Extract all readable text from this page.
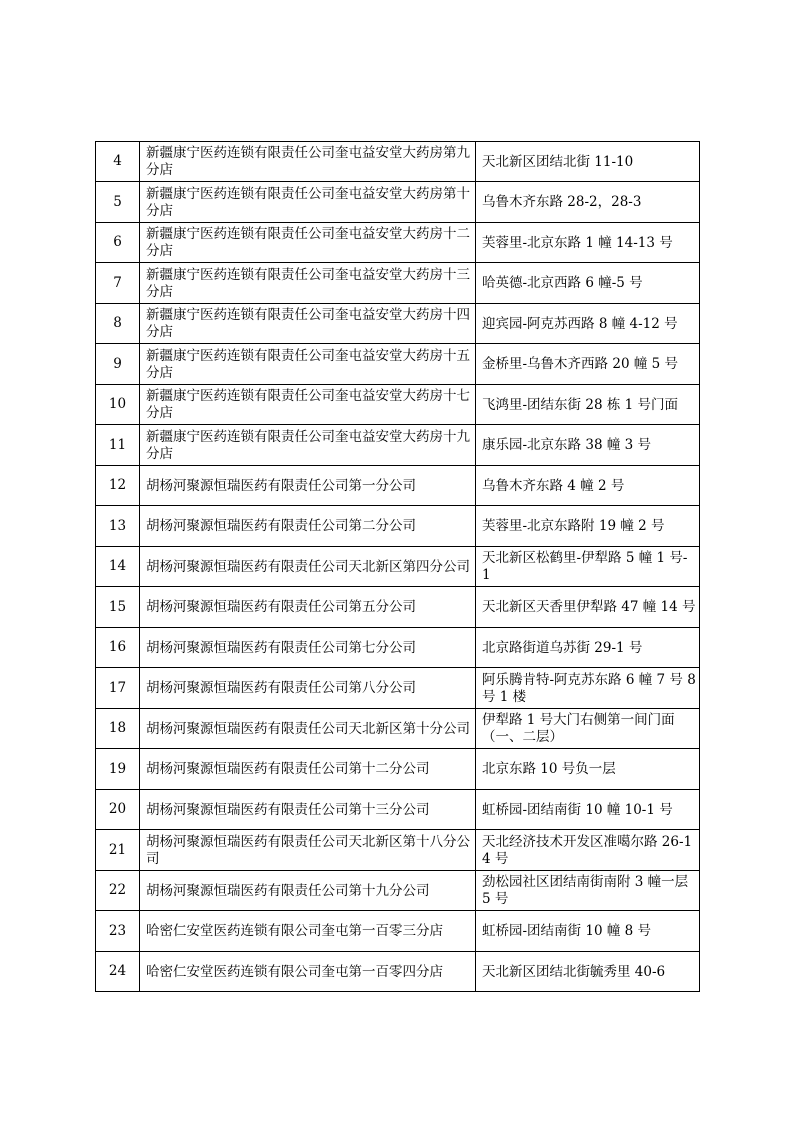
4	新疆康宁医药连锁有限责任公司奎屯益安堂大药房第九分店	天北新区团结北街 11-10
5	新疆康宁医药连锁有限责任公司奎屯益安堂大药房第十分店	乌鲁木齐东路 28-2，28-3
6	新疆康宁医药连锁有限责任公司奎屯益安堂大药房十二分店	芙蓉里-北京东路 1 幢 14-13 号
7	新疆康宁医药连锁有限责任公司奎屯益安堂大药房十三分店	哈英德-北京西路 6 幢-5 号
8	新疆康宁医药连锁有限责任公司奎屯益安堂大药房十四分店	迎宾园-阿克苏西路 8 幢 4-12 号
9	新疆康宁医药连锁有限责任公司奎屯益安堂大药房十五分店	金桥里-乌鲁木齐西路 20 幢 5 号
10	新疆康宁医药连锁有限责任公司奎屯益安堂大药房十七分店	飞鸿里-团结东街 28 栋 1 号门面
11	新疆康宁医药连锁有限责任公司奎屯益安堂大药房十九分店	康乐园-北京东路 38 幢 3 号
12	胡杨河聚源恒瑞医药有限责任公司第一分公司	乌鲁木齐东路 4 幢 2 号
13	胡杨河聚源恒瑞医药有限责任公司第二分公司	芙蓉里-北京东路附 19 幢 2 号
14	胡杨河聚源恒瑞医药有限责任公司天北新区第四分公司	天北新区松鹤里-伊犁路 5 幢 1 号-1
15	胡杨河聚源恒瑞医药有限责任公司第五分公司	天北新区天香里伊犁路 47 幢 14 号
16	胡杨河聚源恒瑞医药有限责任公司第七分公司	北京路街道乌苏街 29-1 号
17	胡杨河聚源恒瑞医药有限责任公司第八分公司	阿乐腾肯特-阿克苏东路 6 幢 7 号 8 号 1 楼
18	胡杨河聚源恒瑞医药有限责任公司天北新区第十分公司	伊犁路 1 号大门右侧第一间门面（一、二层）
19	胡杨河聚源恒瑞医药有限责任公司第十二分公司	北京东路 10 号负一层
20	胡杨河聚源恒瑞医药有限责任公司第十三分公司	虹桥园-团结南街 10 幢 10-1 号
21	胡杨河聚源恒瑞医药有限责任公司天北新区第十八分公司	天北经济技术开发区准噶尔路 26-14 号
22	胡杨河聚源恒瑞医药有限责任公司第十九分公司	劲松园社区团结南街南附 3 幢一层 5 号
23	哈密仁安堂医药连锁有限公司奎屯第一百零三分店	虹桥园-团结南街 10 幢 8 号
24	哈密仁安堂医药连锁有限公司奎屯第一百零四分店	天北新区团结北街毓秀里 40-6
